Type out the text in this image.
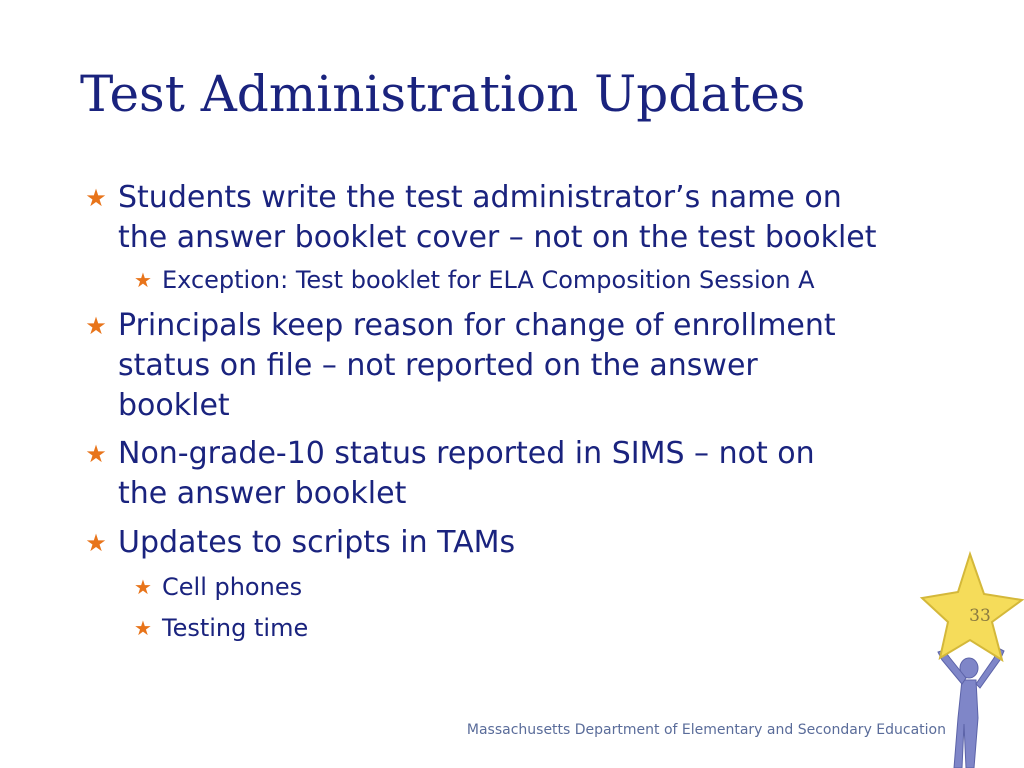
Test Administration Updates
★ Students write the test administrator’s name on
the answer booklet cover – not on the test booklet
★ Exception: Test booklet for ELA Composition Session A
★ Principals keep reason for change of enrollment
status on file – not reported on the answer
booklet
★ Non-grade-10 status reported in SIMS – not on
the answer booklet
★ Updates to scripts in TAMs
★ Cell phones
★ Testing time	33
Massachusetts Department of Elementary and Secondary Education
